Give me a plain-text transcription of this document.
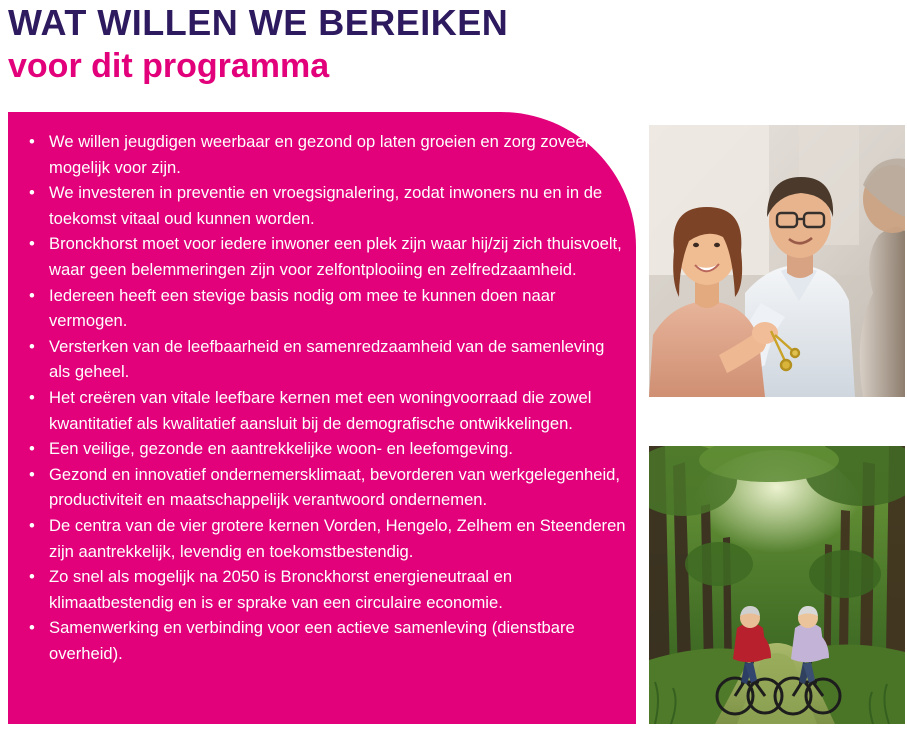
WAT WILLEN WE BEREIKEN
voor dit programma
• We willen jeugdigen weerbaar en gezond op laten groeien en zorg zoveel mogelijk voor zijn.
• We investeren in preventie en vroegsignalering, zodat inwoners nu en in de toekomst vitaal oud kunnen worden.
• Bronckhorst moet voor iedere inwoner een plek zijn waar hij/zij zich thuisvoelt, waar geen belemmeringen zijn voor zelfontplooiing en zelfredzaamheid.
• Iedereen heeft een stevige basis nodig om mee te kunnen doen naar vermogen.
• Versterken van de leefbaarheid en samenredzaamheid van de samenleving als geheel.
• Het creëren van vitale leefbare kernen met een woningvoorraad die zowel kwantitatief als kwalitatief aansluit bij de demografische ontwikkelingen.
• Een veilige, gezonde en aantrekkelijke woon- en leefomgeving.
• Gezond en innovatief ondernemersklimaat, bevorderen van werkgelegenheid, productiviteit en maatschappelijk verantwoord ondernemen.
• De centra van de vier grotere kernen Vorden, Hengelo, Zelhem en Steenderen zijn aantrekkelijk, levendig en toekomstbestendig.
• Zo snel als mogelijk na 2050 is Bronckhorst energieneutraal en klimaatbestendig en is er sprake van een circulaire economie.
• Samenwerking en verbinding voor een actieve samenleving (dienstbare overheid).
